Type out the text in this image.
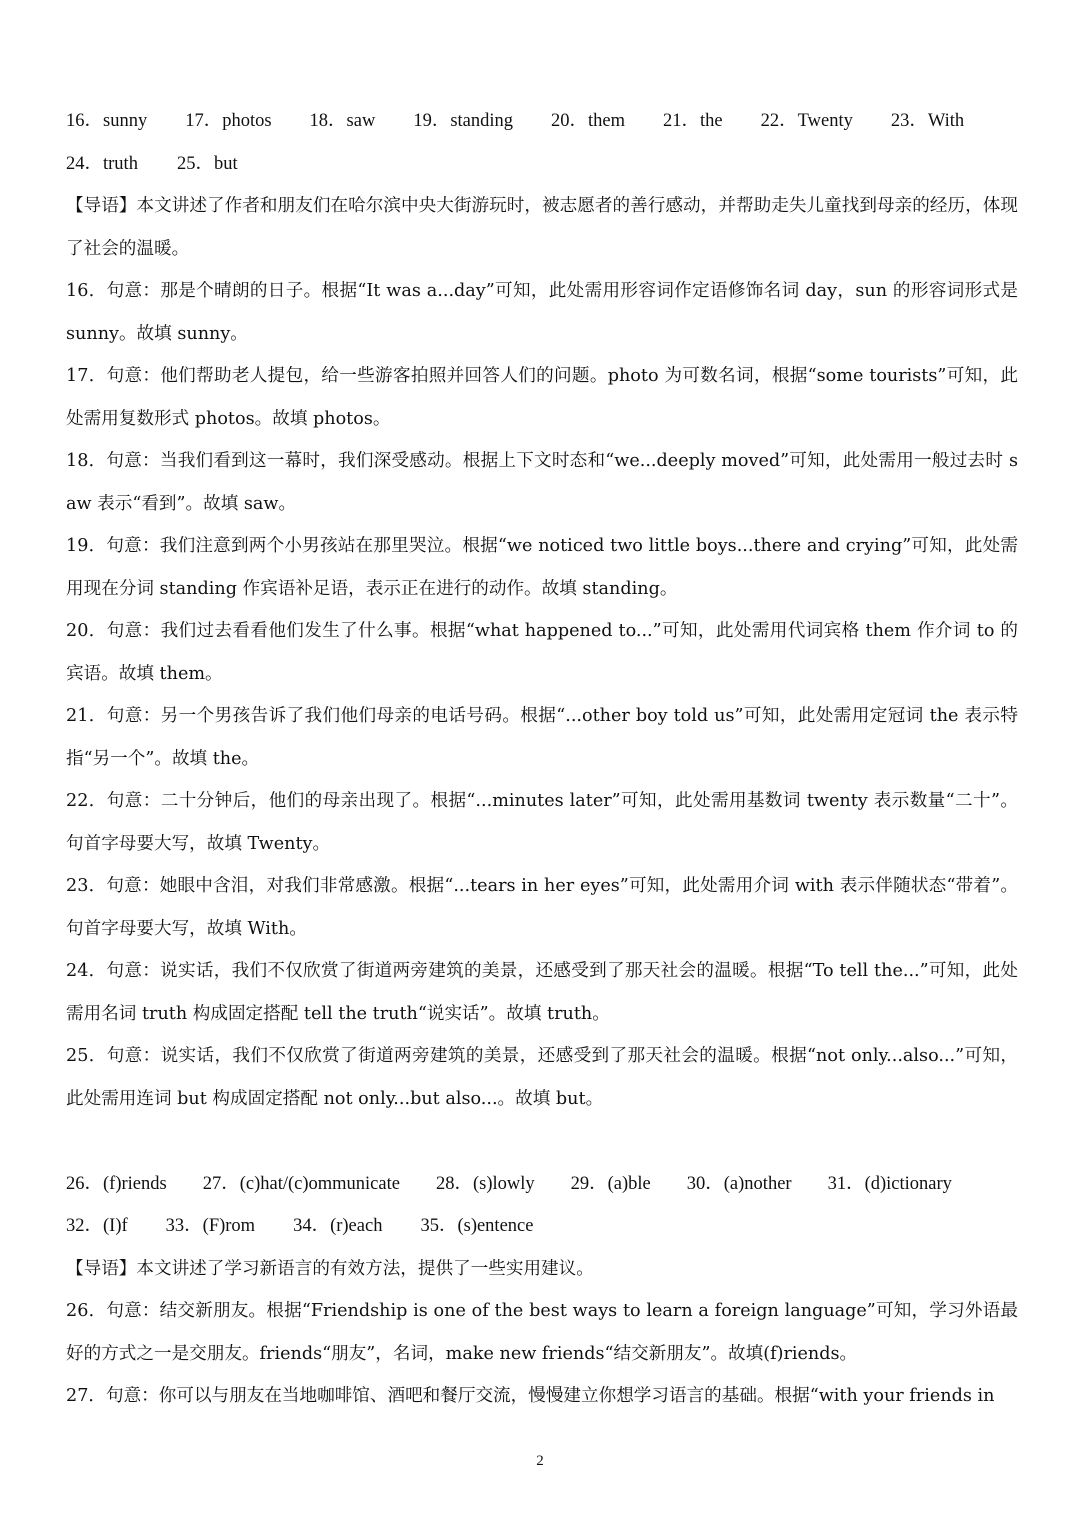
16．sunny 17．photos 18．saw 19．standing 20．them 21．the 22．Twenty 23．With
24．truth 25．but

【导语】本文讲述了作者和朋友们在哈尔滨中央大街游玩时，被志愿者的善行感动，并帮助走失儿童找到母亲的经历，体现了社会的温暖。

16．句意：那是个晴朗的日子。根据“It was a...day”可知，此处需用形容词作定语修饰名词 day，sun 的形容词形式是 sunny。故填 sunny。

17．句意：他们帮助老人提包，给一些游客拍照并回答人们的问题。photo 为可数名词，根据“some tourists”可知，此处需用复数形式 photos。故填 photos。

18．句意：当我们看到这一幕时，我们深受感动。根据上下文时态和“we...deeply moved”可知，此处需用一般过去时 saw 表示“看到”。故填 saw。

19．句意：我们注意到两个小男孩站在那里哭泣。根据“we noticed two little boys...there and crying”可知，此处需用现在分词 standing 作宾语补足语，表示正在进行的动作。故填 standing。

20．句意：我们过去看看他们发生了什么事。根据“what happened to...”可知，此处需用代词宾格 them 作介词 to 的宾语。故填 them。

21．句意：另一个男孩告诉了我们他们母亲的电话号码。根据“...other boy told us”可知，此处需用定冠词 the 表示特指“另一个”。故填 the。

22．句意：二十分钟后，他们的母亲出现了。根据“...minutes later”可知，此处需用基数词 twenty 表示数量“二十”。句首字母要大写，故填 Twenty。

23．句意：她眼中含泪，对我们非常感激。根据“...tears in her eyes”可知，此处需用介词 with 表示伴随状态“带着”。句首字母要大写，故填 With。

24．句意：说实话，我们不仅欣赏了街道两旁建筑的美景，还感受到了那天社会的温暖。根据“To tell the...”可知，此处需用名词 truth 构成固定搭配 tell the truth“说实话”。故填 truth。

25．句意：说实话，我们不仅欣赏了街道两旁建筑的美景，还感受到了那天社会的温暖。根据“not only...also...”可知，此处需用连词 but 构成固定搭配 not only...but also...。故填 but。

26．(f)riends 27．(c)hat/(c)ommunicate 28．(s)lowly 29．(a)ble 30．(a)nother 31．(d)ictionary
32．(I)f 33．(F)rom 34．(r)each 35．(s)entence

【导语】本文讲述了学习新语言的有效方法，提供了一些实用建议。

26．句意：结交新朋友。根据“Friendship is one of the best ways to learn a foreign language”可知，学习外语最好的方式之一是交朋友。friends“朋友”，名词，make new friends“结交新朋友”。故填(f)riends。

27．句意：你可以与朋友在当地咖啡馆、酒吧和餐厅交流，慢慢建立你想学习语言的基础。根据“with your friends in

2
